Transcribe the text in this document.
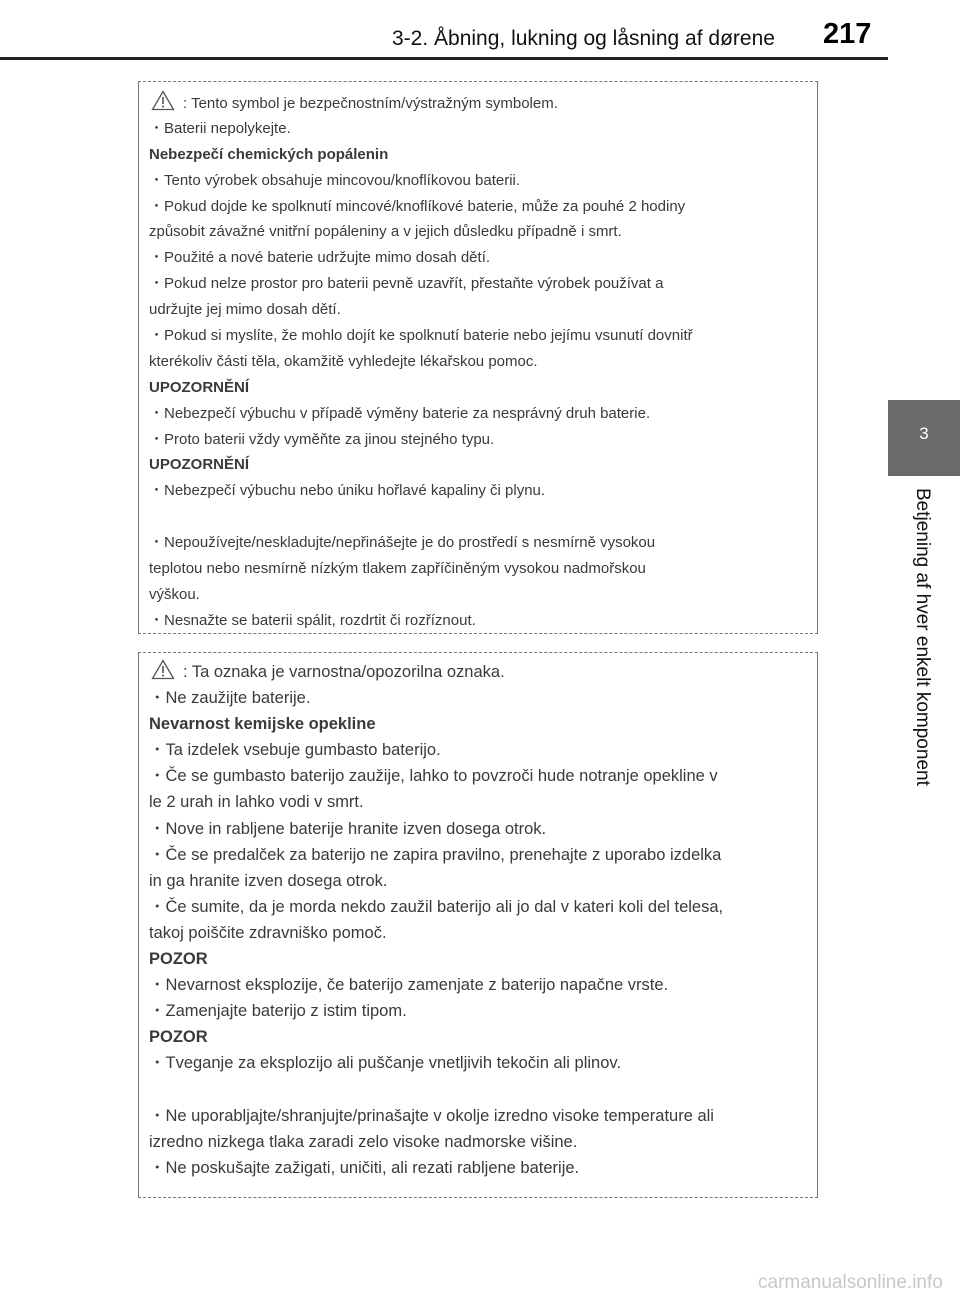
3-2. Åbning, lukning og låsning af dørene 217
3
Betjening af hver enkelt komponent
: Tento symbol je bezpečnostním/výstražným symbolem.
・Baterii nepolykejte.
Nebezpečí chemických popálenin
・Tento výrobek obsahuje mincovou/knoflíkovou baterii.
・Pokud dojde ke spolknutí mincové/knoflíkové baterie, může za pouhé 2 hodiny
způsobit závažné vnitřní popáleniny a v jejich důsledku případně i smrt.
・Použité a nové baterie udržujte mimo dosah dětí.
・Pokud nelze prostor pro baterii pevně uzavřít, přestaňte výrobek používat a
udržujte jej mimo dosah dětí.
・Pokud si myslíte, že mohlo dojít ke spolknutí baterie nebo jejímu vsunutí dovnitř
kterékoliv části těla, okamžitě vyhledejte lékařskou pomoc.
UPOZORNĚNÍ
・Nebezpečí výbuchu v případě výměny baterie za nesprávný druh baterie.
・Proto baterii vždy vyměňte za jinou stejného typu.
UPOZORNĚNÍ
・Nebezpečí výbuchu nebo úniku hořlavé kapaliny či plynu.
・Nepoužívejte/neskladujte/nepřinášejte je do prostředí s nesmírně vysokou
teplotou nebo nesmírně nízkým tlakem zapříčiněným vysokou nadmořskou
výškou.
・Nesnažte se baterii spálit, rozdrtit či rozříznout.
: Ta oznaka je varnostna/opozorilna oznaka.
・Ne zaužijte baterije.
Nevarnost kemijske opekline
・Ta izdelek vsebuje gumbasto baterijo.
・Če se gumbasto baterijo zaužije, lahko to povzroči hude notranje opekline v
le 2 urah in lahko vodi v smrt.
・Nove in rabljene baterije hranite izven dosega otrok.
・Če se predalček za baterijo ne zapira pravilno, prenehajte z uporabo izdelka
in ga hranite izven dosega otrok.
・Če sumite, da je morda nekdo zaužil baterijo ali jo dal v kateri koli del telesa,
takoj poiščite zdravniško pomoč.
POZOR
・Nevarnost eksplozije, če baterijo zamenjate z baterijo napačne vrste.
・Zamenjajte baterijo z istim tipom.
POZOR
・Tveganje za eksplozijo ali puščanje vnetljivih tekočin ali plinov.
・Ne uporabljajte/shranjujte/prinašajte v okolje izredno visoke temperature ali
izredno nizkega tlaka zaradi zelo visoke nadmorske višine.
・Ne poskušajte zažigati, uničiti, ali rezati rabljene baterije.
carmanualsonline.info
